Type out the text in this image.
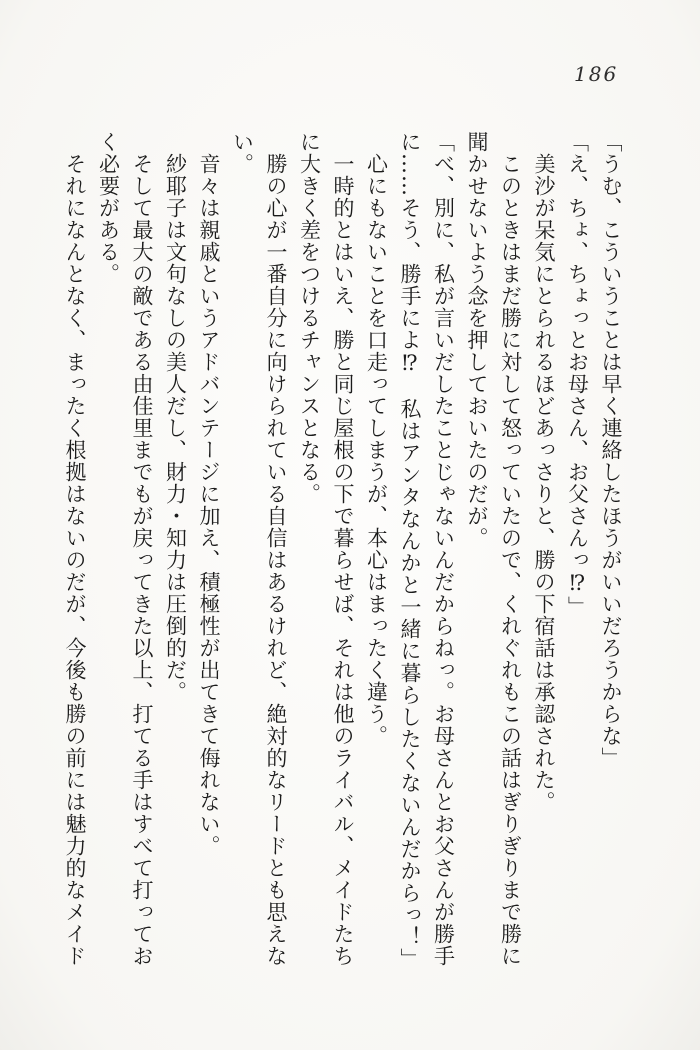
186
「うむ、こういうことは早く連絡したほうがいいだろうからな」
「え、ちょ、ちょっとお母さん、お父さんっ⁉」
美沙が呆気にとられるほどあっさりと、勝の下宿話は承認された。
このときはまだ勝に対して怒っていたので、くれぐれもこの話はぎりぎりまで勝に
聞かせないよう念を押しておいたのだが。
「べ、別に、私が言いだしたことじゃないんだからねっ。お母さんとお父さんが勝手
に……そう、勝手によ⁉　私はアンタなんかと一緒に暮らしたくないんだからっ！」
心にもないことを口走ってしまうが、本心はまったく違う。
一時的とはいえ、勝と同じ屋根の下で暮らせば、それは他のライバル、メイドたち
に大きく差をつけるチャンスとなる。
勝の心が一番自分に向けられている自信はあるけれど、絶対的なリードとも思えな
い。
音々は親戚というアドバンテージに加え、積極性が出てきて侮れない。
紗耶子は文句なしの美人だし、財力・知力は圧倒的だ。
そして最大の敵である由佳里までもが戻ってきた以上、打てる手はすべて打ってお
く必要がある。
それになんとなく、まったく根拠はないのだが、今後も勝の前には魅力的なメイド
